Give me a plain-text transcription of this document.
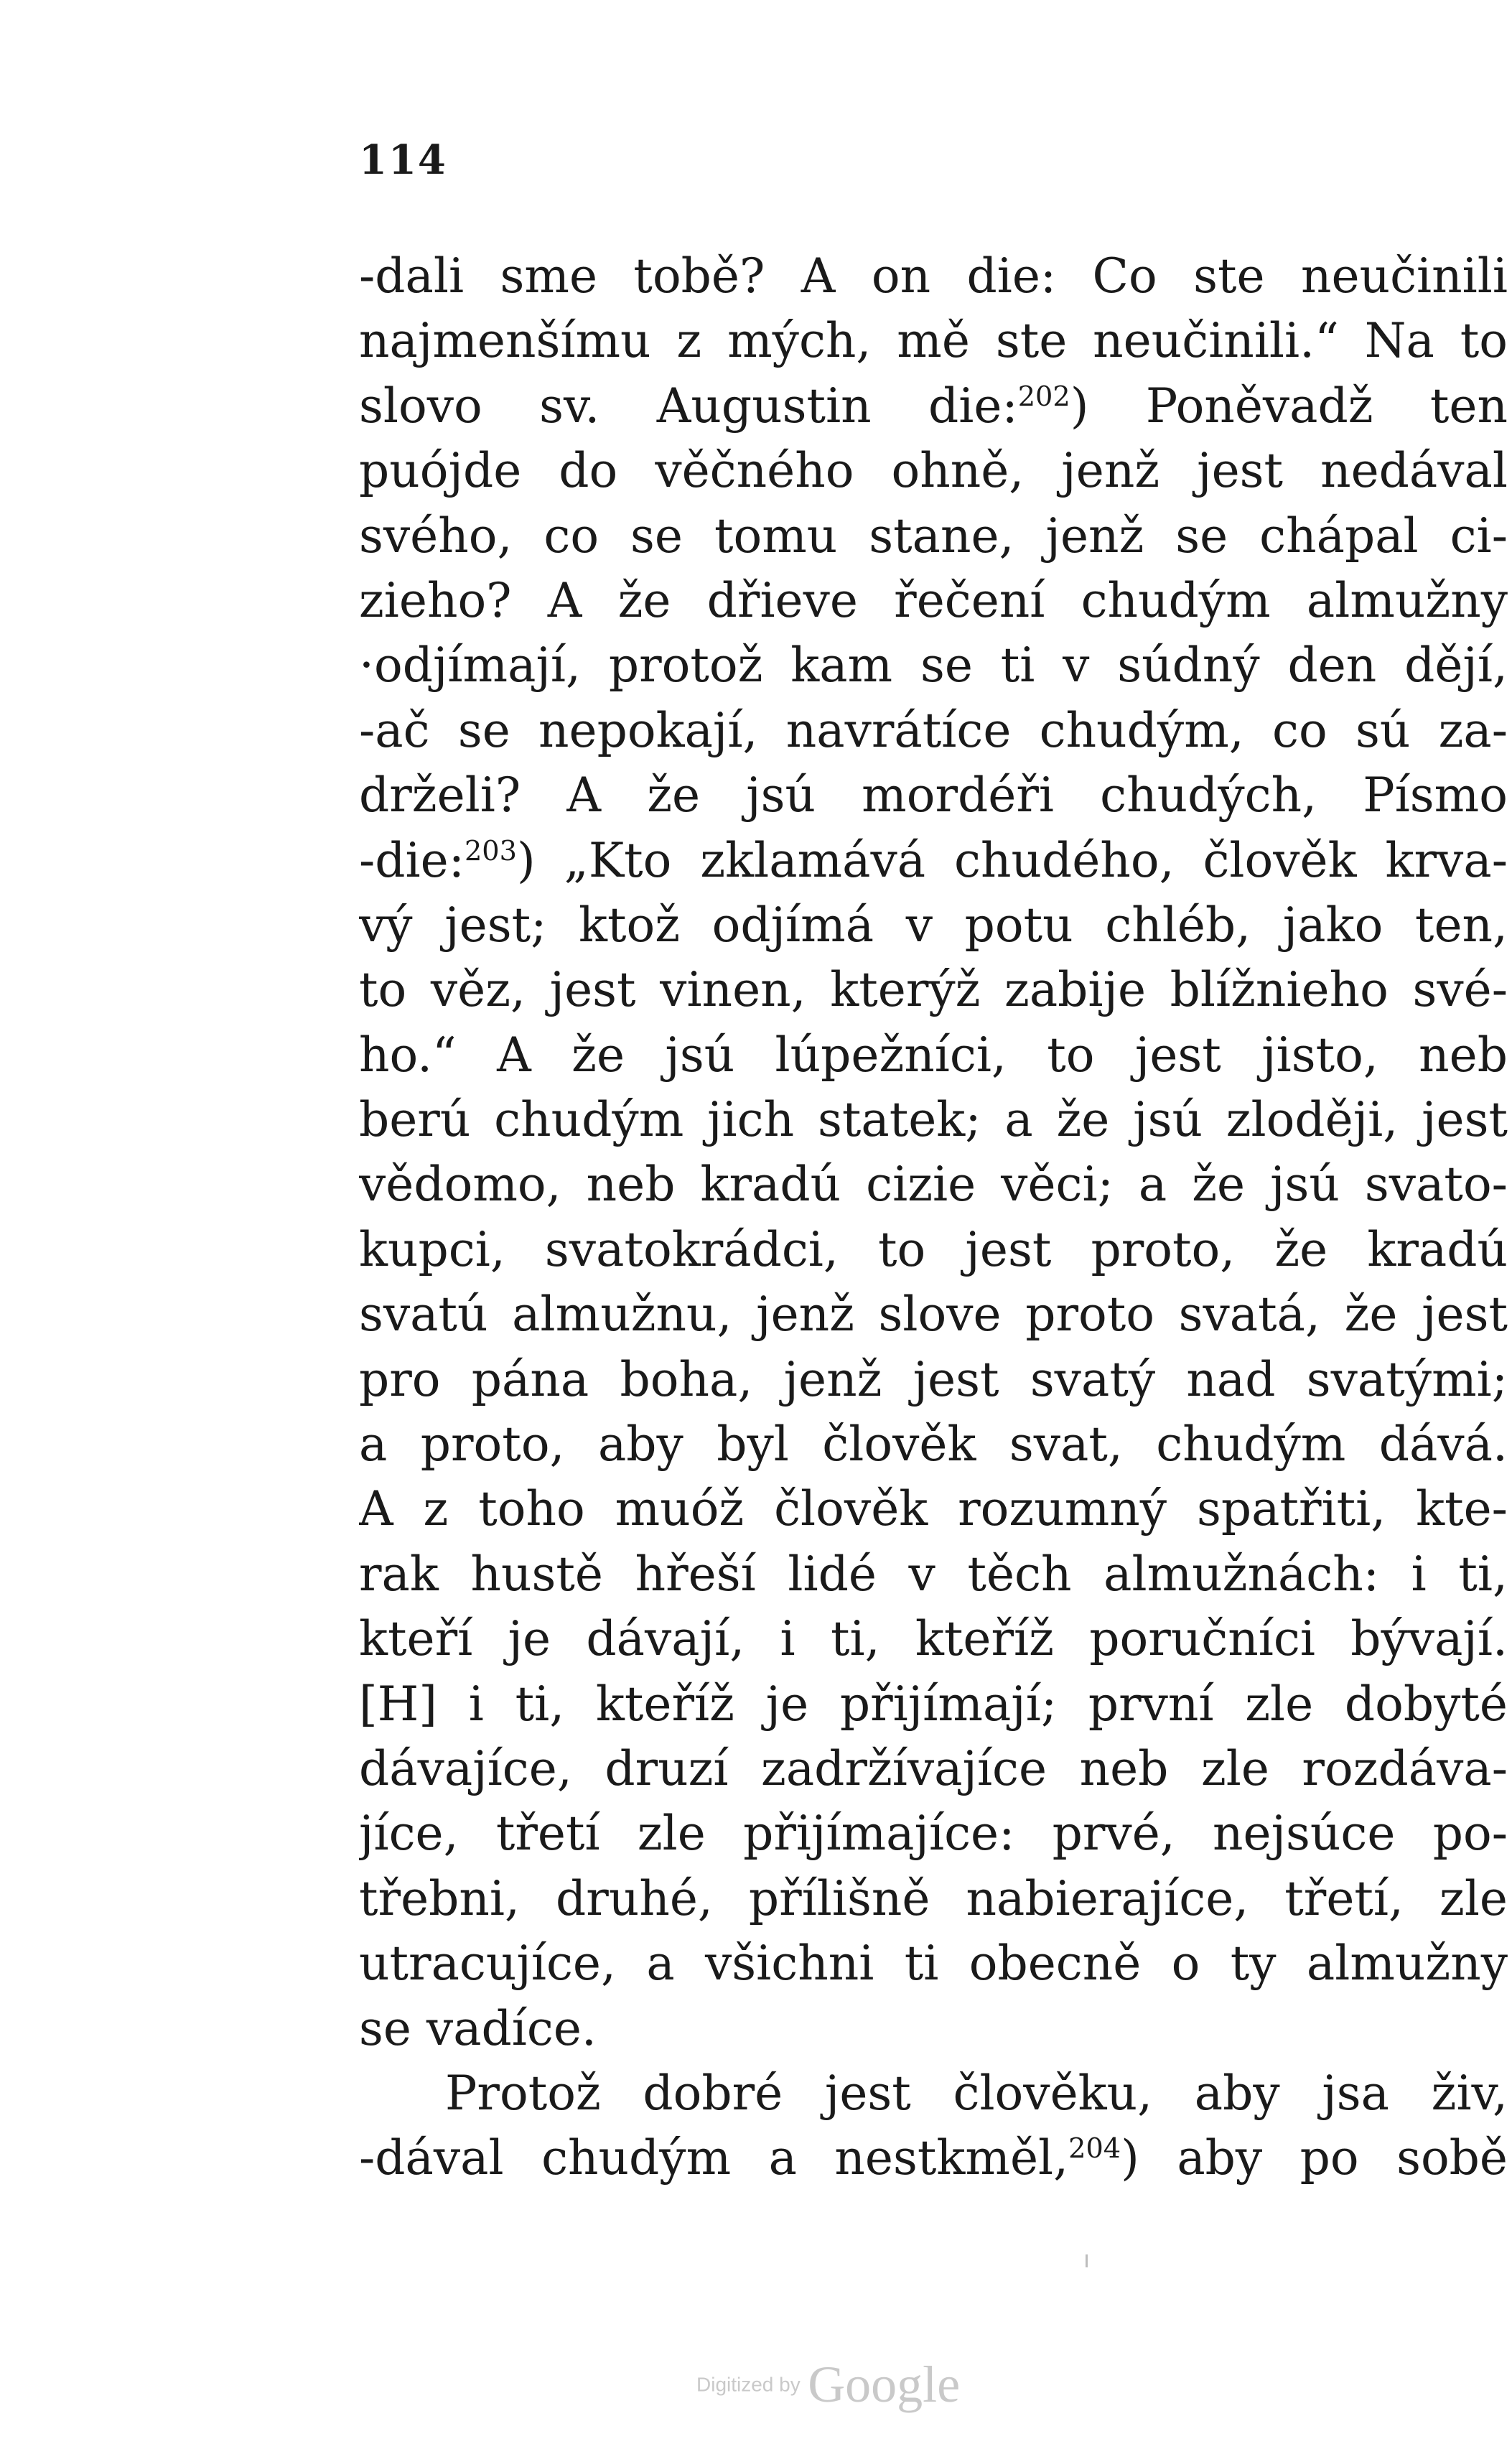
114
-dali sme tobě? A on die: Co ste neučinili
najmenšímu z mých, mě ste neučinili.“ Na to
slovo sv. Augustin die:$^{202}$) Poněvadž ten
puójde do věčného ohně, jenž jest nedával
svého, co se tomu stane, jenž se chápal ci-
zieho? A že dřieve řečení chudým almužny
·odjímají, protož kam se ti v súdný den dějí,
-ač se nepokají, navrátíce chudým, co sú za-
drželi? A že jsú mordéři chudých, Písmo
-die:$^{203}$) „Kto zklamává chudého, člověk krva-
vý jest; ktož odjímá v potu chléb, jako ten,
to věz, jest vinen, kterýž zabije blížnieho své-
ho.“ A že jsú lúpežníci, to jest jisto, neb
berú chudým jich statek; a že jsú zloději, jest
vědomo, neb kradú cizie věci; a že jsú svato-
kupci, svatokrádci, to jest proto, že kradú
svatú almužnu, jenž slove proto svatá, že jest
pro pána boha, jenž jest svatý nad svatými;
a proto, aby byl člověk svat, chudým dává.
A z toho muóž člověk rozumný spatřiti, kte-
rak hustě hřeší lidé v těch almužnách: i ti,
kteří je dávají, i ti, kteříž poručníci bývají.
[H] i ti, kteříž je přijímají; první zle dobyté
dávajíce, druzí zadržívajíce neb zle rozdáva-
jíce, třetí zle přijímajíce: prvé, nejsúce po-
třebni, druhé, přílišně nabierajíce, třetí, zle
utracujíce, a všichni ti obecně o ty almužny
se vadíce.
Protož dobré jest člověku, aby jsa živ,
-dával chudým a nestkměl,$^{204}$) aby po sobě
Digitized by Google
